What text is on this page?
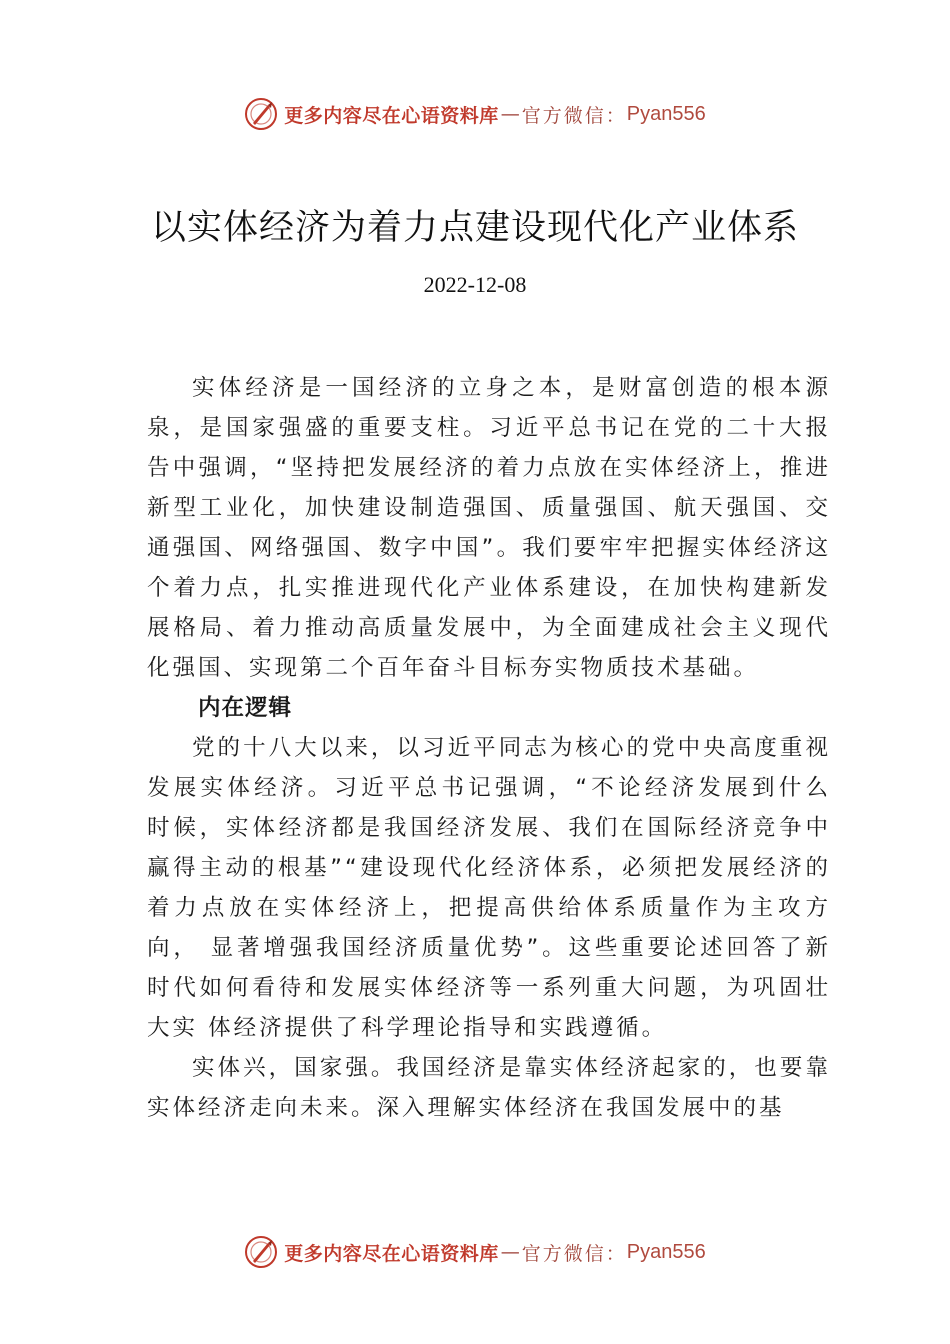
更多内容尽在心语资料库 — 官方微信： Pyan556
以实体经济为着力点建设现代化产业体系
2022-12-08

实体经济是一国经济的立身之本，是财富创造的根本源泉，是国家强盛的重要支柱。习近平总书记在党的二十大报告中强调，“坚持把发展经济的着力点放在实体经济上，推进新型工业化，加快建设制造强国、质量强国、航天强国、交通强国、网络强国、数字中国”。我们要牢牢把握实体经济这个着力点，扎实推进现代化产业体系建设，在加快构建新发展格局、着力推动高质量发展中，为全面建成社会主义现代化强国、实现第二个百年奋斗目标夯实物质技术基础。

内在逻辑

党的十八大以来，以习近平同志为核心的党中央高度重视发展实体经济。习近平总书记强调，“不论经济发展到什么 时候，实体经济都是我国经济发展、我们在国际经济竞争中赢得主动的根基”“建设现代化经济体系，必须把发展经济的 着力点放在实体经济上，把提高供给体系质量作为主攻方向， 显著增强我国经济质量优势”。这些重要论述回答了新时代如何看待和发展实体经济等一系列重大问题，为巩固壮大实 体经济提供了科学理论指导和实践遵循。

实体兴，国家强。我国经济是靠实体经济起家的，也要靠实体经济走向未来。深入理解实体经济在我国发展中的基

更多内容尽在心语资料库 — 官方微信： Pyan556
